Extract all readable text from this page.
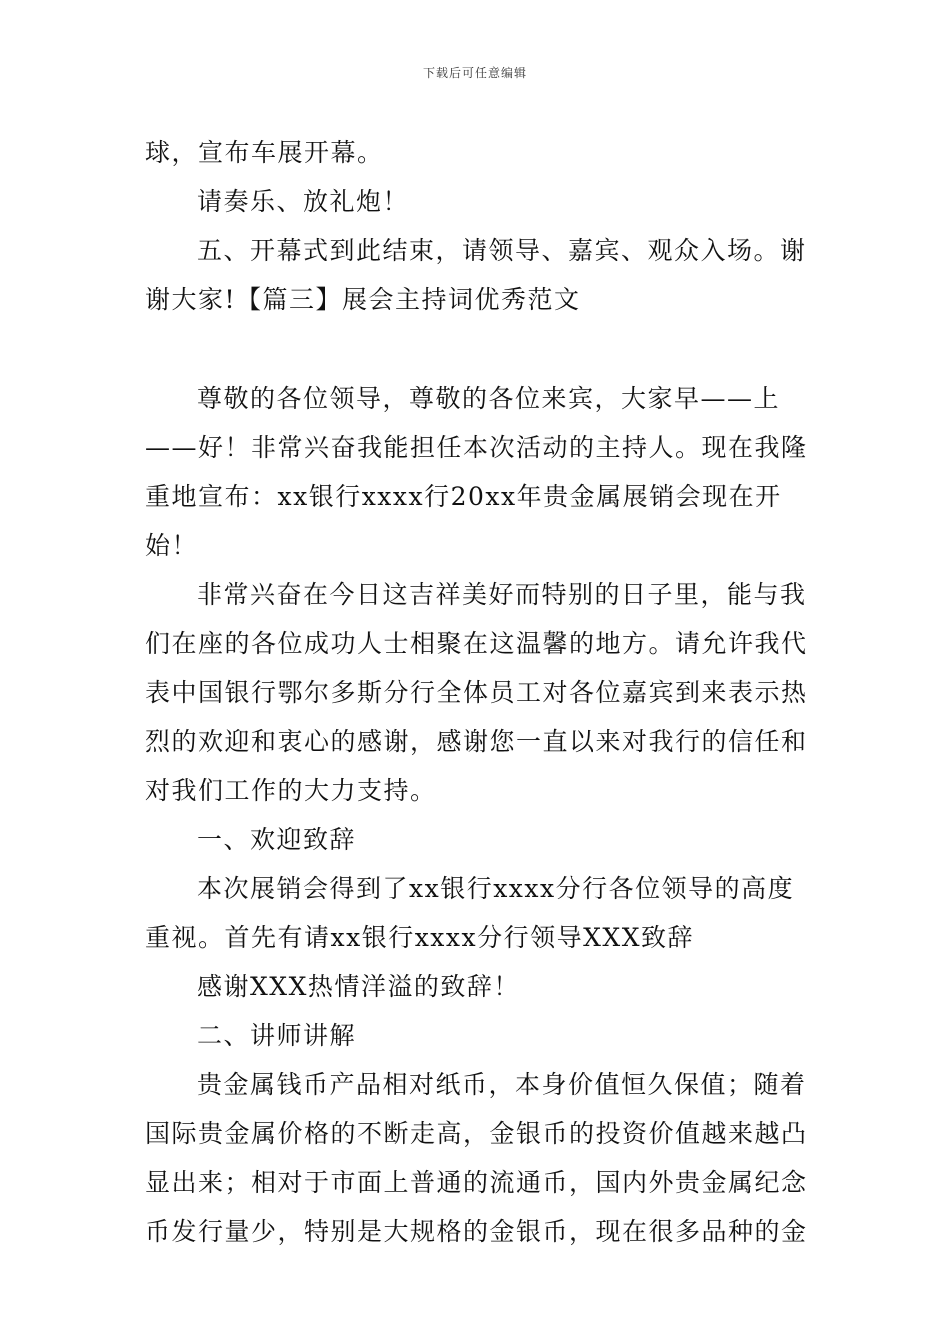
下载后可任意编辑

球，宣布车展开幕。

请奏乐、放礼炮！

五、开幕式到此结束，请领导、嘉宾、观众入场。谢谢大家!【篇三】展会主持词优秀范文

尊敬的各位领导，尊敬的各位来宾，大家早——上——好！非常兴奋我能担任本次活动的主持人。现在我隆重地宣布：xx银行xxxx行20xx年贵金属展销会现在开始！

非常兴奋在今日这吉祥美好而特别的日子里，能与我们在座的各位成功人士相聚在这温馨的地方。请允许我代表中国银行鄂尔多斯分行全体员工对各位嘉宾到来表示热烈的欢迎和衷心的感谢，感谢您一直以来对我行的信任和对我们工作的大力支持。

一、欢迎致辞

本次展销会得到了xx银行xxxx分行各位领导的高度重视。首先有请xx银行xxxx分行领导XXX致辞

感谢XXX热情洋溢的致辞！

二、讲师讲解

贵金属钱币产品相对纸币，本身价值恒久保值；随着国际贵金属价格的不断走高，金银币的投资价值越来越凸显出来；相对于市面上普通的流通币，国内外贵金属纪念币发行量少，特别是大规格的金银币，现在很多品种的金
